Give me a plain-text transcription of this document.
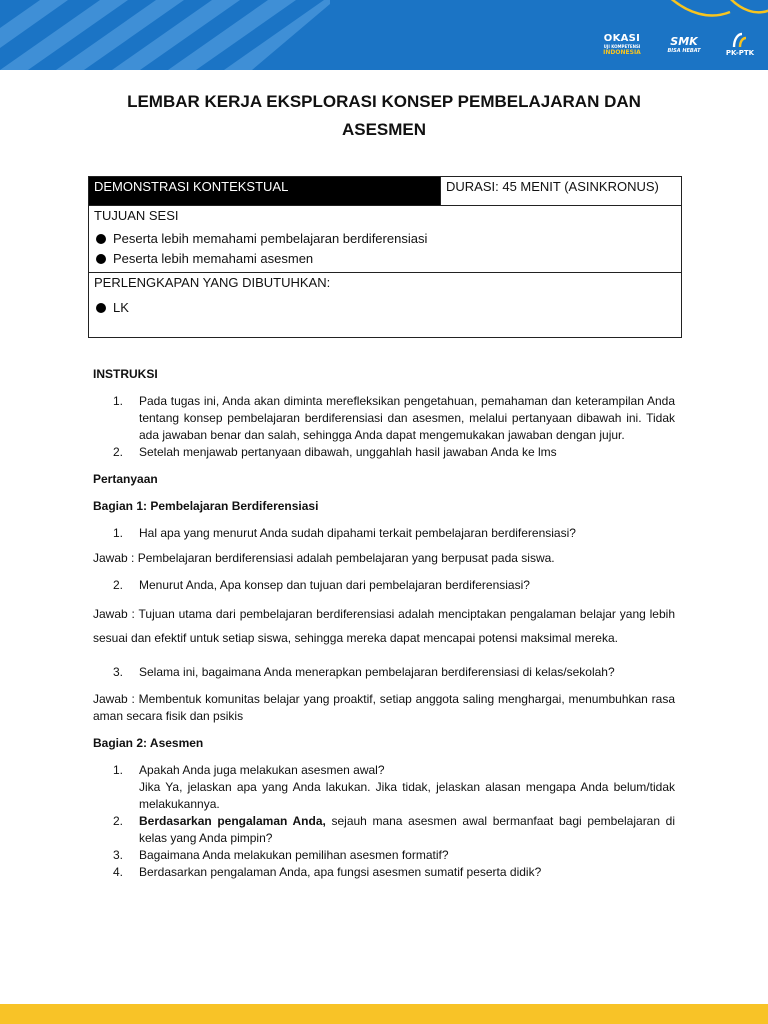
OKASI
UJI KOMPETENSI
INDONESIA
SMK
BISA HEBAT	PK-PTK
LEMBAR KERJA EKSPLORASI KONSEP PEMBELAJARAN DAN ASESMEN
DEMONSTRASI KONTEKSTUAL	DURASI: 45 MENIT (ASINKRONUS)
TUJUAN SESI
Peserta lebih memahami pembelajaran berdiferensiasi
Peserta lebih memahami asesmen
PERLENGKAPAN YANG DIBUTUHKAN:
LK
INSTRUKSI
1.	Pada tugas ini, Anda akan diminta merefleksikan pengetahuan, pemahaman dan keterampilan Anda tentang konsep pembelajaran berdiferensiasi dan asesmen, melalui pertanyaan dibawah ini. Tidak ada jawaban benar dan salah, sehingga Anda dapat mengemukakan jawaban dengan jujur.
2.	Setelah menjawab pertanyaan dibawah, unggahlah hasil jawaban Anda ke lms
Pertanyaan
Bagian 1: Pembelajaran Berdiferensiasi
1.	Hal apa yang menurut Anda sudah dipahami terkait pembelajaran berdiferensiasi?
Jawab : Pembelajaran berdiferensiasi adalah pembelajaran yang berpusat pada siswa.
2.	Menurut Anda, Apa konsep dan tujuan dari pembelajaran berdiferensiasi?
Jawab : Tujuan utama dari pembelajaran berdiferensiasi adalah menciptakan pengalaman belajar yang lebih sesuai dan efektif untuk setiap siswa, sehingga mereka dapat mencapai potensi maksimal mereka.
3.	Selama ini, bagaimana Anda menerapkan pembelajaran berdiferensiasi di kelas/sekolah?
Jawab : Membentuk komunitas belajar yang proaktif, setiap anggota saling menghargai, menumbuhkan rasa aman secara fisik dan psikis
Bagian 2: Asesmen
1.	Apakah Anda juga melakukan asesmen awal?
Jika Ya, jelaskan apa yang Anda lakukan. Jika tidak, jelaskan alasan mengapa Anda belum/tidak melakukannya.
2.	Berdasarkan pengalaman Anda, sejauh mana asesmen awal bermanfaat bagi pembelajaran di kelas yang Anda pimpin?
3.	Bagaimana Anda melakukan pemilihan asesmen formatif?
4.	Berdasarkan pengalaman Anda, apa fungsi asesmen sumatif peserta didik?
